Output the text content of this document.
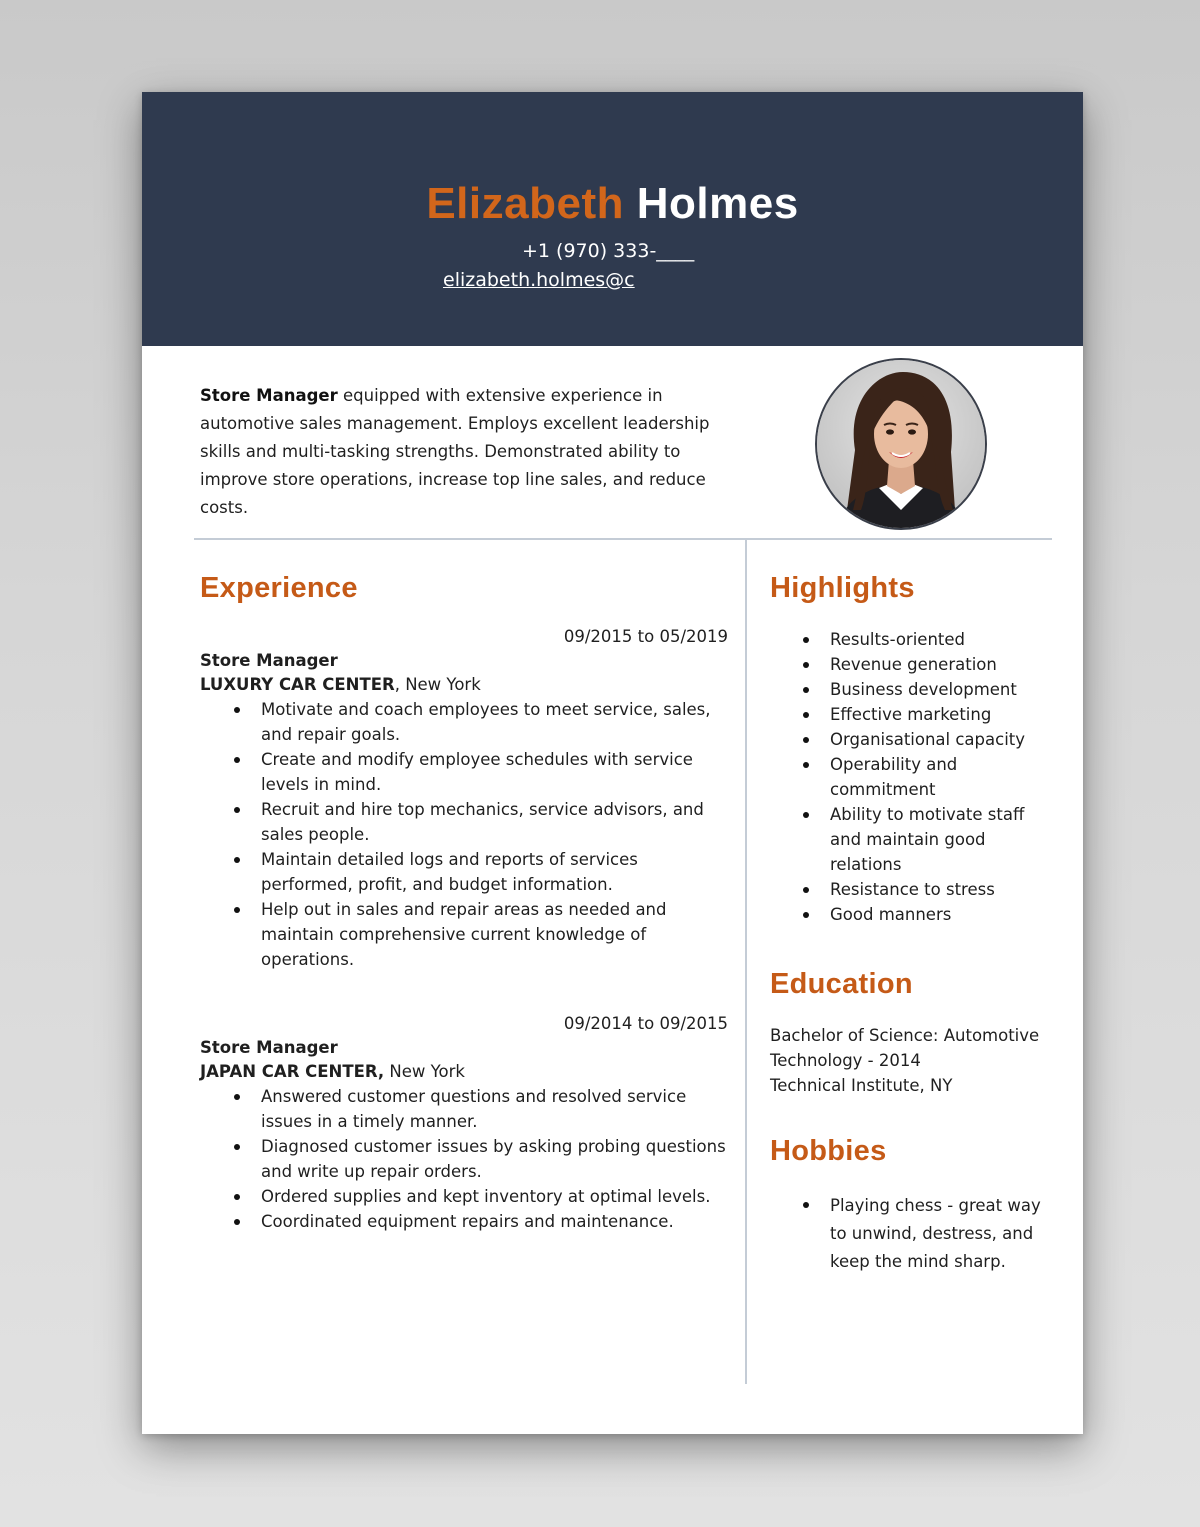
Elizabeth Holmes
+1 (970) 333-____
elizabeth.holmes@c
Store Manager equipped with extensive experience in automotive sales management. Employs excellent leadership skills and multi-tasking strengths. Demonstrated ability to improve store operations, increase top line sales, and reduce costs.
Experience
09/2015 to 05/2019
Store Manager
LUXURY CAR CENTER, New York
Motivate and coach employees to meet service, sales, and repair goals.
Create and modify employee schedules with service levels in mind.
Recruit and hire top mechanics, service advisors, and sales people.
Maintain detailed logs and reports of services performed, profit, and budget information.
Help out in sales and repair areas as needed and maintain comprehensive current knowledge of operations.
09/2014 to 09/2015
Store Manager
JAPAN CAR CENTER, New York
Answered customer questions and resolved service issues in a timely manner.
Diagnosed customer issues by asking probing questions and write up repair orders.
Ordered supplies and kept inventory at optimal levels.
Coordinated equipment repairs and maintenance.
Highlights
Results-oriented
Revenue generation
Business development
Effective marketing
Organisational capacity
Operability and commitment
Ability to motivate staff and maintain good relations
Resistance to stress
Good manners
Education
Bachelor of Science: Automotive
Technology - 2014
Technical Institute, NY
Hobbies
Playing chess - great way to unwind, destress, and keep the mind sharp.
